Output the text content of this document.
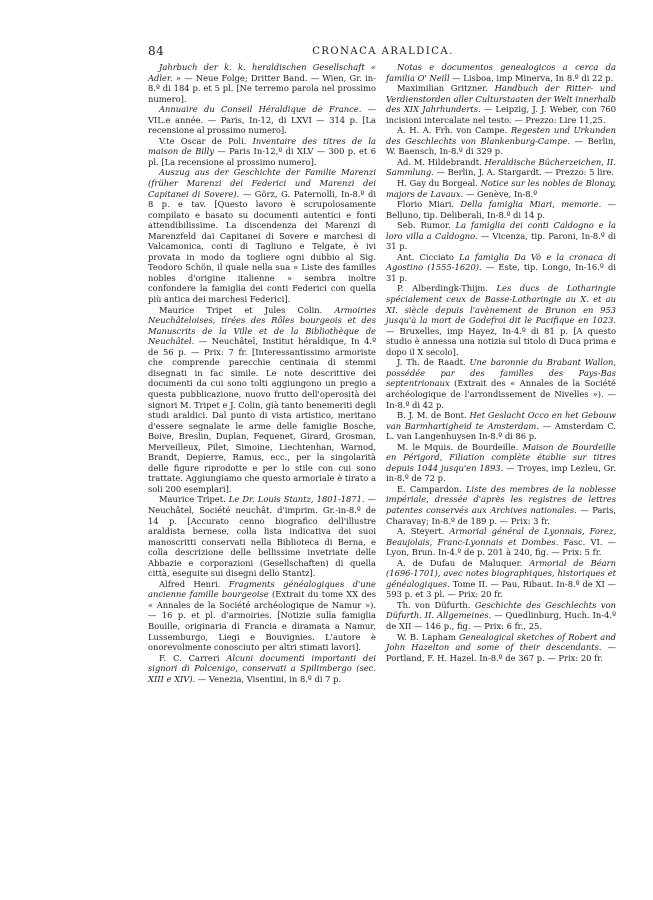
84	CRONACA ARALDICA.

Jahrbuch der k. k. heraldischen Gesellschaft « Adler. » — Neue Folge; Dritter Band. — Wien, Gr. in-8.º di 184 p. et 5 pl. [Ne terremo parola nel prossimo numero].

Annuaire du Conseil Héraldique de France. — VIL.e année. — Paris, In-12, di LXVI — 314 p. [La recensione al prossimo numero].

V.te Oscar de Poli. Inventaire des titres de la maison de Billy — Paris In-12,º di XLV — 300 p. et 6 pl. [La recensione al prossimo numero].

Auszug aus der Geschichte der Familie Marenzi (früher Marenzi dei Federici und Marenzi dei Capitanei di Sovere). — Görz, G. Paternolli, In-8.º di 8 p. e tav. [Questo lavoro è scrupolosamente compilato e basato su documenti autentici e fonti attendibilissime. La discendenza dei Marenzi di Marenzfeld dai Capitanei di Sovere e marchesi di Valcamonica, conti di Tagliuno e Telgate, è ivi provata in modo da togliere ogni dubbio al Sig. Teodoro Schön, il quale nella sua « Liste des familles nobles d'origine italienne » sembra inoltre confondere la famiglia dei conti Federici con quella più antica dei marchesi Federici].

Maurice Tripet et Jules Colin. Armoiries Neuchâteloises, tirées des Rôles bourgeois et des Manuscrits de la Ville et de la Bibliothèque de Neuchâtel. — Neuchâtel, Institut héraldique, In 4.º de 56 p. — Prix: 7 fr. [Interessantissimo armoriste che comprende parecchie centinaia di stemmi disegnati in fac simile. Le note descrittive dei documenti da cui sono tolti aggiungono un pregio a questa pubblicazione, nuovo frutto dell'operosità dei signori M. Tripet e J. Colin, già tanto benemeriti degli studi araldici. Dal punto di vista artistico, meritano d'essere segnalate le arme delle famiglie Bosche, Boive, Breslin, Duplan, Fequenet, Girard, Grosman, Merveilleux, Pilet, Simoine, Liechtenhan, Warnod, Brandt, Depierre, Ramus, ecc., per la singolarità delle figure riprodotte e per lo stile con cui sono trattate. Aggiungiamo che questo armoriale è tirato a soli 200 esemplari].

Maurice Tripet. Le Dr. Louis Stantz, 1801-1871. — Neuchâtel, Société neuchât. d'imprim. Gr.-in-8.º de 14 p. [Accurato cenno biografico dell'illustre araldista bernese, colla lista indicativa dei suoi manoscritti conservati nella Biblioteca di Berna, e colla descrizione delle bellissime invetriate delle Abbazie e corporazioni (Gesellschaften) di quella città, eseguite sui disegni dello Stantz].

Alfred Henri. Fragments généalogiques d'une ancienne famille bourgeoise (Extrait du tome XX des « Annales de la Société archéologique de Namur »). — 16 p. et pl. d'armoiries. [Notizie sulla famiglia Bouille, originaria di Francia e diramata a Namur, Lussemburgo, Liegi e Bouvignies. L'autore è onorevolmente conosciuto per altri stimati lavori].

F. C. Carreri Alcuni documenti importanti dei signori di Polcenigo, conservati a Spilimbergo (sec. XIII e XIV). — Venezia, Visentini, in 8.º di 7 p.

Notas e documentos genealogicos a cerca da familia O' Neill — Lisboa, imp Minerva, In 8.º di 22 p.

Maximilian Gritzner. Handbuch der Ritter- und Verdienstorden aller Culturstaaten der Welt innerhalb des XIX Jahrhunderts. — Leipzig, J. J. Weber, con 760 incisioni intercalate nel testo. — Prezzo: Lire 11,25.

A. H. A. Frh. von Campe. Regesten und Urkunden des Geschlechts von Blankenburg-Campe. — Berlin, W. Baensch, In-8.º di 329 p.

Ad. M. Hildebrandt. Heraldische Bücherzeichen, II. Sammlung. — Berlin, J. A. Stargardt. — Prezzo: 5 lire.

H. Gay du Borgeal. Notice sur les nobles de Blonay, majors de Lavaux. — Genève, In-8.º

Florio Miari. Della famiglia Miari, memorie. — Belluno, tip. Deliberali, In-8.º di 14 p.

Seb. Rumor. La famiglia dei conti Caldogno e la loro villa a Caldogno. — Vicenza, tip. Paroni, In-8.º di 31 p.

Ant. Cicciato La famiglia Da Vò e la cronaca di Agostino (1555-1620). — Este, tip. Longo, In-16.º di 31 p.

P. Alberdingk-Thijm. Les ducs de Lotharingie spécialement ceux de Basse-Lotharingie au X. et au XI. siècle depuis l'avènement de Brunon en 953 jusqu'à la mort de Godefroi dit le Pacifique en 1023. — Bruxelles, imp Hayez, In-4.º di 81 p. [A questo studio è annessa una notizia sul titolo di Duca prima e dopo il X secolo].

J. Th. de Raadt. Une baronnie du Brabant Wallon, possédée par des familles des Pays-Bas septentrionaux (Extrait des « Annales de la Société archéologique de l'arrondissement de Nivelles »). — In-8.º di 42 p.

B. J. M. de Bont. Het Geslacht Occo en het Gebouw van Barmhartigheid te Amsterdam. — Amsterdam C. L. van Langenhuysen In-8.º di 86 p.

M. le Mquis. de Bourdeille. Maison de Bourdeille en Périgord, Filiation complète établie sur titres depuis 1044 jusqu'en 1893. — Troyes, imp Lezleu, Gr. in-8.º de 72 p.

E. Campardon. Liste des membres de la noblesse impériale, dressée d'après les registres de lettres patentes conservés aux Archives nationales. — Paris, Charavay; In-8.º de 189 p. — Prix: 3 fr.

A. Steyert. Armorial général de Lyonnais, Forez, Beaujolais, Franc-Lyonnais et Dombes. Fasc. VI. — Lyon, Brun. In-4.º de p. 201 à 240, fig. — Prix: 5 fr.

A. de Dufau de Maluquer. Armorial de Béarn (1696-1701), avec notes biographiques, historiques et généalogiques. Tome II. — Pau, Ribaut. In-8.º de XI — 593 p. et 3 pl. — Prix: 20 fr.

Th. von Düfurth. Geschichte des Geschlechts von Düfurth. II. Allgemeines. — Quedlinburg, Huch. In-4.º de XII — 146 p., fig. — Prix: 6 fr., 25.

W. B. Lapham Genealogical sketches of Robert and John Hazelton and some of their descendants. — Portland, F. H. Hazel. In-8.º de 367 p. — Prix: 20 fr.
